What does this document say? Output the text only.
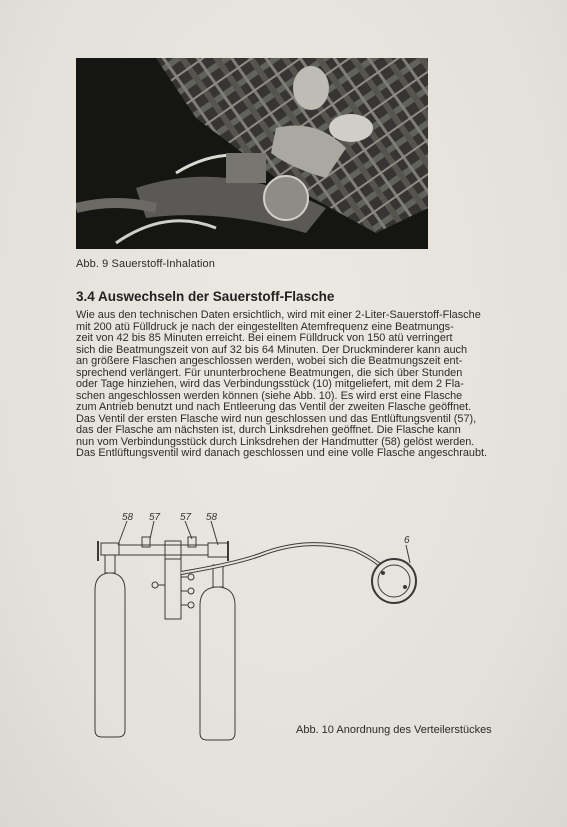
Abb. 9 Sauerstoff-Inhalation
3.4 Auswechseln der Sauerstoff-Flasche
Wie aus den technischen Daten ersichtlich, wird mit einer 2-Liter-Sauerstoff-Flasche
mit 200 atü Fülldruck je nach der eingestellten Atemfrequenz eine Beatmungs-
zeit von 42 bis 85 Minuten erreicht. Bei einem Fülldruck von 150 atü verringert
sich die Beatmungszeit von auf 32 bis 64 Minuten. Der Druckminderer kann auch
an größere Flaschen angeschlossen werden, wobei sich die Beatmungszeit ent-
sprechend verlängert. Für ununterbrochene Beatmungen, die sich über Stunden
oder Tage hinziehen, wird das Verbindungsstück (10) mitgeliefert, mit dem 2 Fla-
schen angeschlossen werden können (siehe Abb. 10). Es wird erst eine Flasche
zum Antrieb benutzt und nach Entleerung das Ventil der zweiten Flasche geöffnet.
Das Ventil der ersten Flasche wird nun geschlossen und das Entlüftungsventil (57),
das der Flasche am nächsten ist, durch Linksdrehen geöffnet. Die Flasche kann
nun vom Verbindungsstück durch Linksdrehen der Handmutter (58) gelöst werden.
Das Entlüftungsventil wird danach geschlossen und eine volle Flasche angeschraubt.
58 57 57 58
6
Abb. 10 Anordnung des Verteilerstückes
